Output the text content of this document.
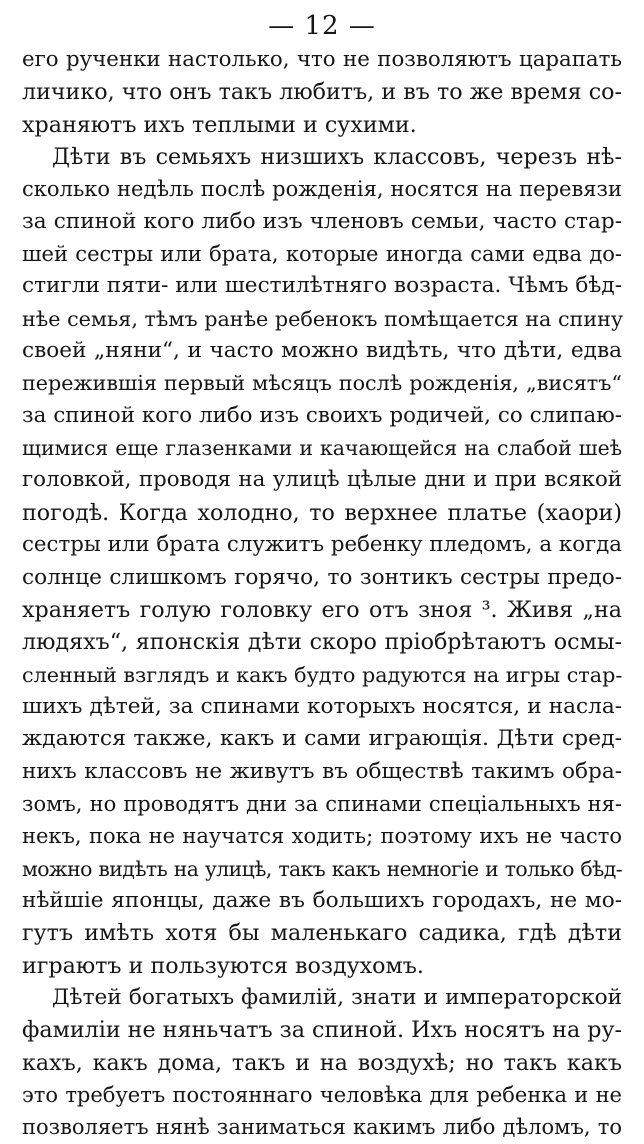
— 12 —
его рученки настолько, что не позволяютъ царапать
личико, что онъ такъ любитъ, и въ то же время со-
храняютъ ихъ теплыми и сухими.
Дѣти въ семьяхъ низшихъ классовъ, черезъ нѣ-
сколько недѣль послѣ рожденія, носятся на перевязи
за спиной кого либо изъ членовъ семьи, часто стар-
шей сестры или брата, которые иногда сами едва до-
стигли пяти- или шестилѣтняго возраста. Чѣмъ бѣд-
нѣе семья, тѣмъ ранѣе ребенокъ помѣщается на спину
своей „няни“, и часто можно видѣть, что дѣти, едва
пережившія первый мѣсяцъ послѣ рожденія, „висятъ“
за спиной кого либо изъ своихъ родичей, со слипаю-
щимися еще глазенками и качающейся на слабой шеѣ
головкой, проводя на улицѣ цѣлые дни и при всякой
погодѣ. Когда холодно, то верхнее платье (хаори)
сестры или брата служитъ ребенку пледомъ, а когда
солнце слишкомъ горячо, то зонтикъ сестры предо-
храняетъ голую головку его отъ зноя ³. Живя „на
людяхъ“, японскія дѣти скоро пріобрѣтаютъ осмы-
сленный взглядъ и какъ будто радуются на игры стар-
шихъ дѣтей, за спинами которыхъ носятся, и насла-
ждаются также, какъ и сами играющія. Дѣти сред-
нихъ классовъ не живутъ въ обществѣ такимъ обра-
зомъ, но проводятъ дни за спинами спеціальныхъ ня-
некъ, пока не научатся ходить; поэтому ихъ не часто
можно видѣть на улицѣ, такъ какъ немногіе и только бѣд-
нѣйшіе японцы, даже въ большихъ городахъ, не мо-
гутъ имѣть хотя бы маленькаго садика, гдѣ дѣти
играютъ и пользуются воздухомъ.
Дѣтей богатыхъ фамилій, знати и императорской
фамиліи не няньчатъ за спиной. Ихъ носятъ на ру-
кахъ, какъ дома, такъ и на воздухѣ; но такъ какъ
это требуетъ постояннаго человѣка для ребенка и не
позволяетъ нянѣ заниматься какимъ либо дѣломъ, то
